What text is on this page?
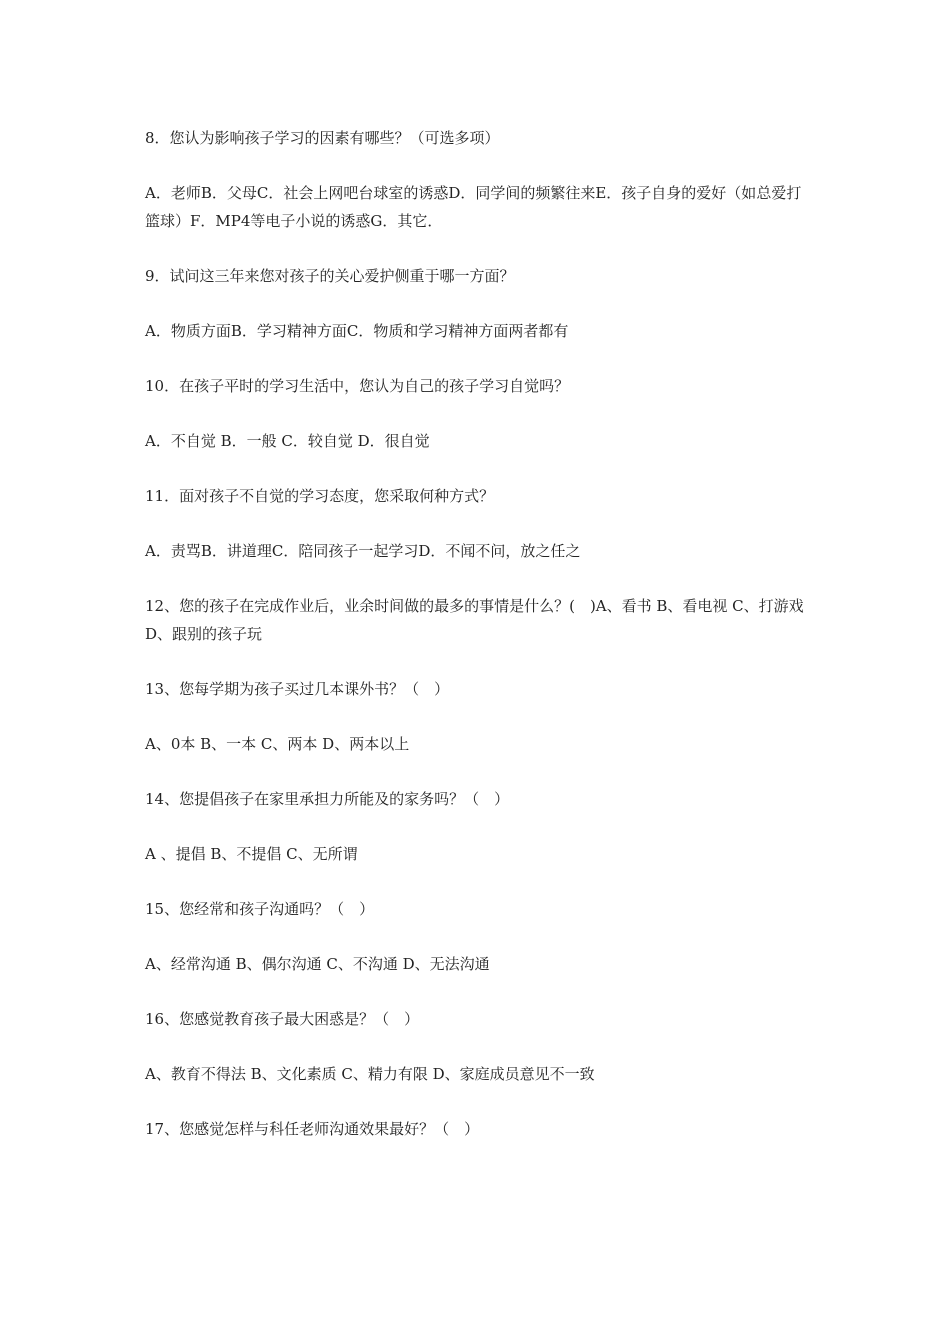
8．您认为影响孩子学习的因素有哪些？（可选多项）

A．老师B．父母C．社会上网吧台球室的诱惑D．同学间的频繁往来E．孩子自身的爱好（如总爱打篮球）F．MP4等电子小说的诱惑G．其它．

9．试问这三年来您对孩子的关心爱护侧重于哪一方面？

A．物质方面B．学习精神方面C．物质和学习精神方面两者都有

10．在孩子平时的学习生活中，您认为自己的孩子学习自觉吗？

A．不自觉 B．一般 C．较自觉 D．很自觉

11．面对孩子不自觉的学习态度，您采取何种方式？

A．责骂B．讲道理C．陪同孩子一起学习D．不闻不问，放之任之

12、您的孩子在完成作业后，业余时间做的最多的事情是什么？(　)A、看书 B、看电视 C、打游戏D、跟别的孩子玩

13、您每学期为孩子买过几本课外书？（　）

A、0本 B、一本 C、两本 D、两本以上

14、您提倡孩子在家里承担力所能及的家务吗？（　）

A 、提倡 B、不提倡 C、无所谓

15、您经常和孩子沟通吗？（　）

A、经常沟通 B、偶尔沟通 C、不沟通 D、无法沟通

16、您感觉教育孩子最大困惑是？（　）

A、教育不得法 B、文化素质 C、精力有限 D、家庭成员意见不一致

17、您感觉怎样与科任老师沟通效果最好？（　）
